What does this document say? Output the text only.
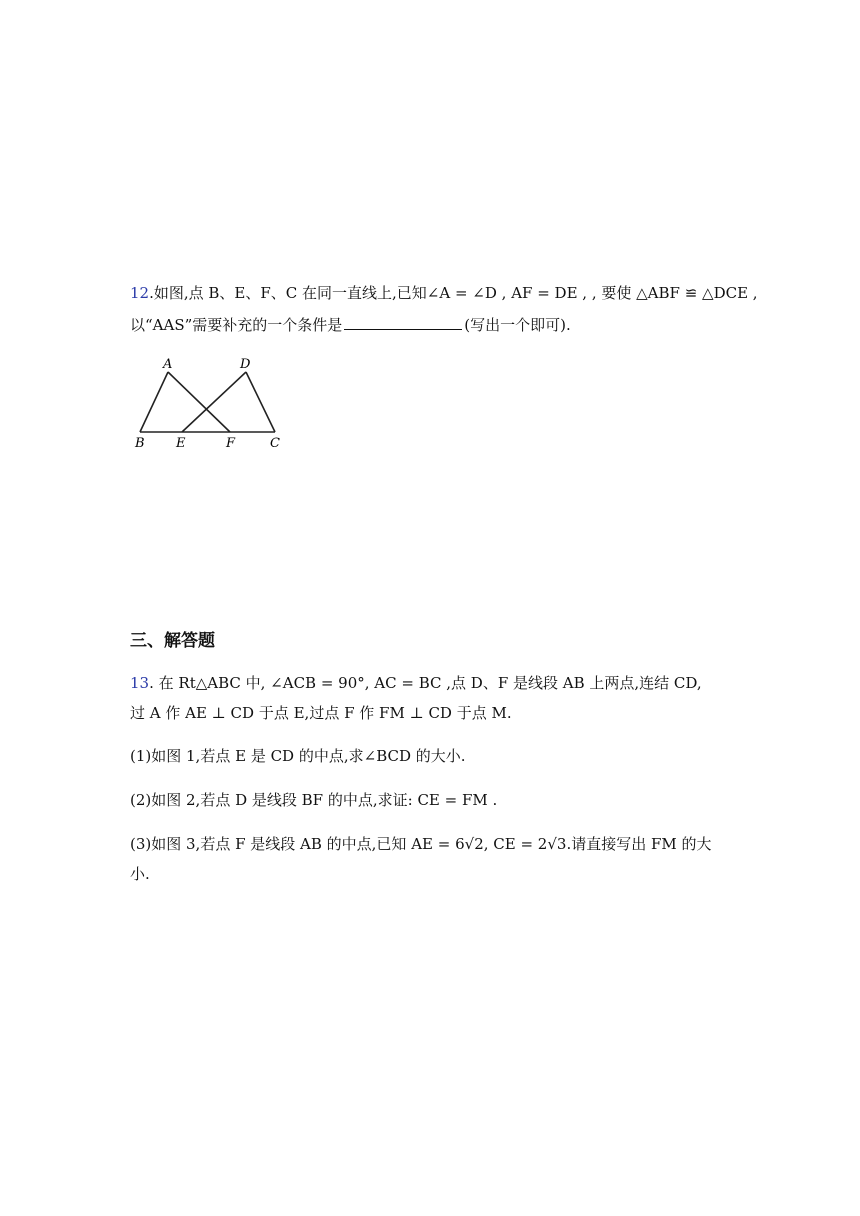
12.如图,点 B、E、F、C 在同一直线上,已知∠A = ∠D , AF = DE , , 要使 △ABF ≌ △DCE ,
以“AAS”需要补充的一个条件是	(写出一个即可).
A	D
B E	F	C
三、解答题
13. 在 Rt△ABC 中, ∠ACB = 90°, AC = BC ,点 D、F 是线段 AB 上两点,连结 CD,
过 A 作 AE ⊥ CD 于点 E,过点 F 作 FM ⊥ CD 于点 M.
(1)如图 1,若点 E 是 CD 的中点,求∠BCD 的大小.
(2)如图 2,若点 D 是线段 BF 的中点,求证: CE = FM .
(3)如图 3,若点 F 是线段 AB 的中点,已知 AE = 6√2, CE = 2√3.请直接写出 FM 的大
小.
